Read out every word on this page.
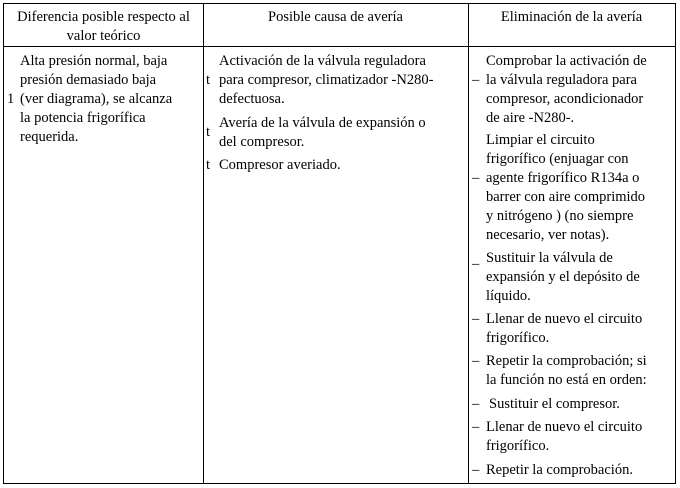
Diferencia posible respecto al
valor teórico
Posible causa de avería	Eliminación de la avería
1
Alta presión normal, baja
presión demasiado baja
(ver diagrama), se alcanza
la potencia frigorífica
requerida.
t
Activación de la válvula reguladora
para compresor, climatizador -N280-
defectuosa.
t
Avería de la válvula de expansión o
del compresor.
t Compresor averiado.
–
Comprobar la activación de
la válvula reguladora para
compresor, acondicionador
de aire -N280-.
–
Limpiar el circuito
frigorífico (enjuagar con
agente frigorífico R134a o
barrer con aire comprimido
y nitrógeno ) (no siempre
necesario, ver notas).
– Sustituir la válvula de
expansión y el depósito de
líquido.
– Llenar de nuevo el circuito
frigorífico.
– Repetir la comprobación; si
la función no está en orden:
– Sustituir el compresor.
– Llenar de nuevo el circuito
frigorífico.
– Repetir la comprobación.
